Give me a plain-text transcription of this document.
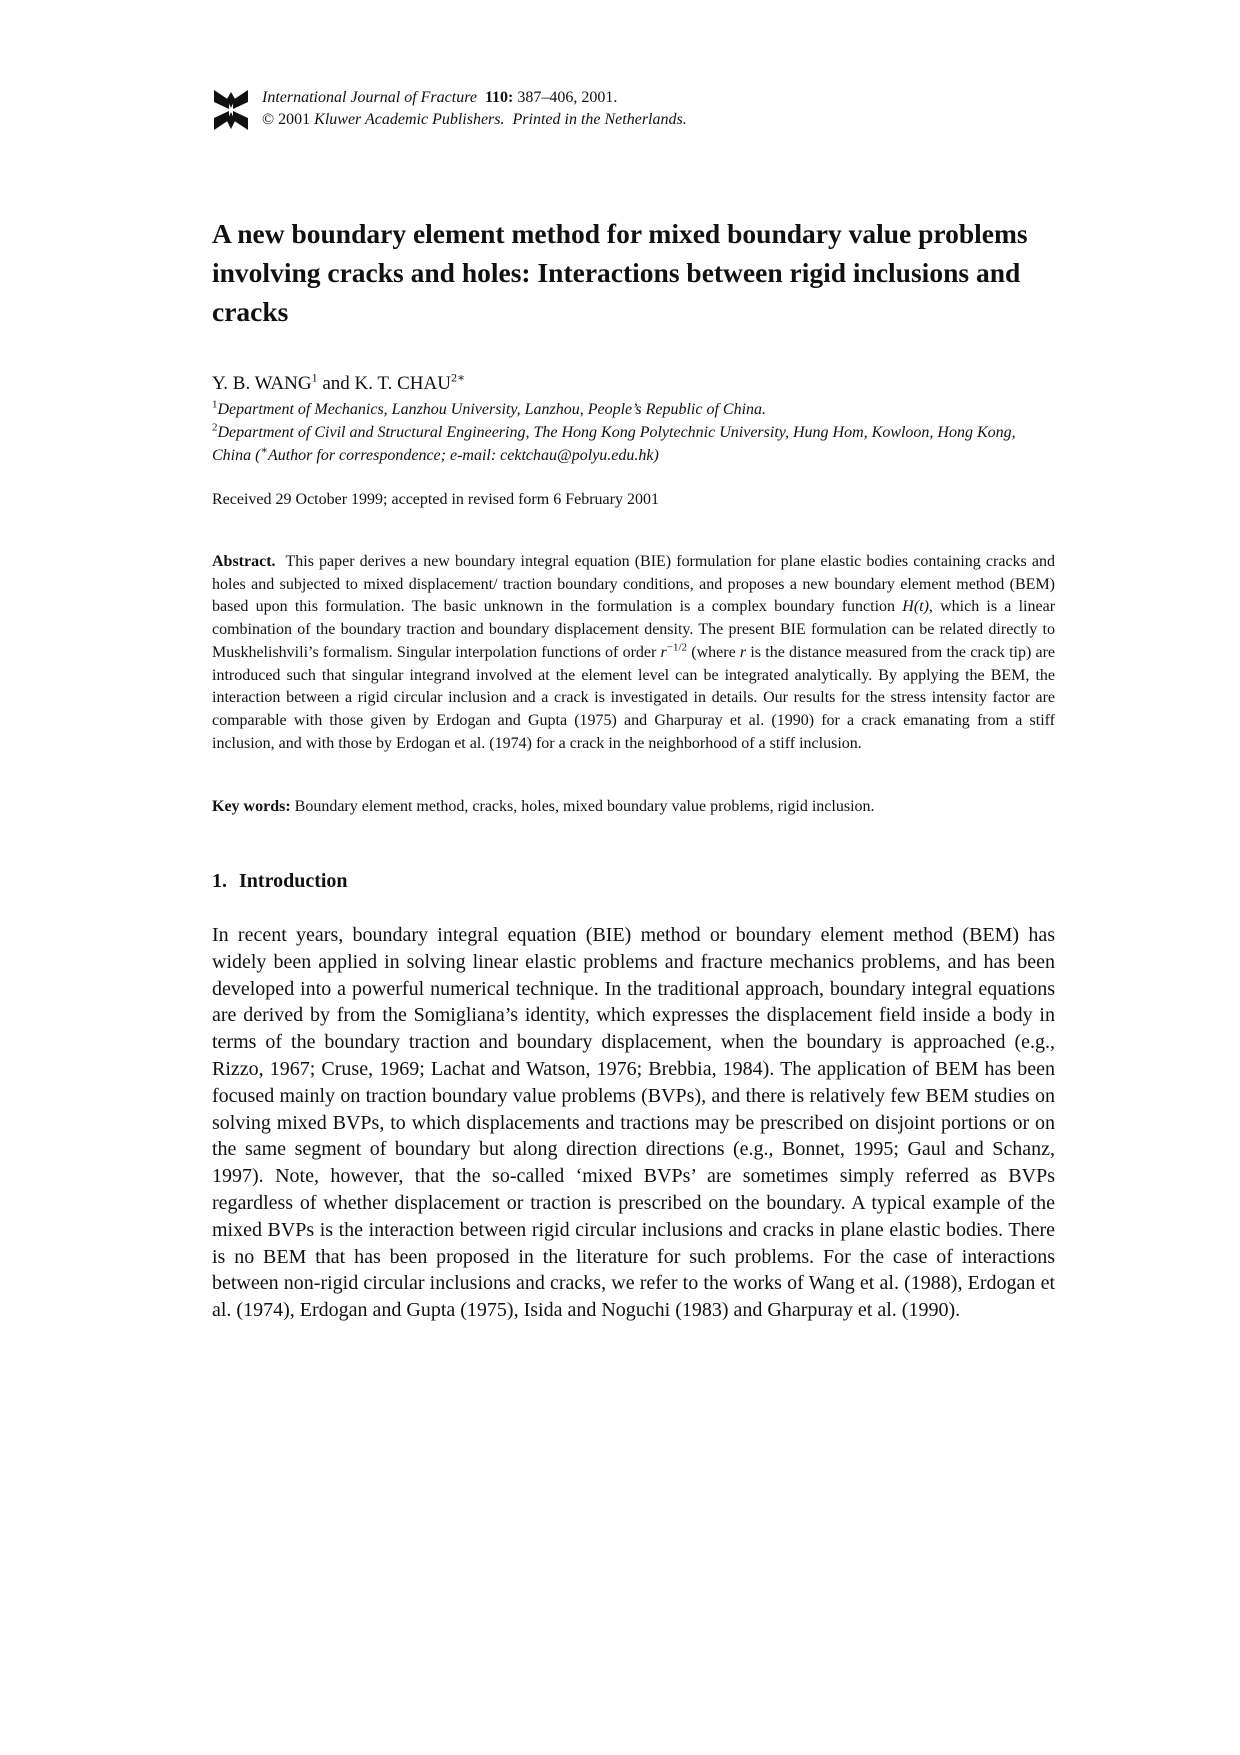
International Journal of Fracture 110: 387–406, 2001.
© 2001 Kluwer Academic Publishers. Printed in the Netherlands.
A new boundary element method for mixed boundary value problems involving cracks and holes: Interactions between rigid inclusions and cracks
Y. B. WANG$^1$ and K. T. $CHAU^{2∗}$
$^1$Department of Mechanics, Lanzhou University, Lanzhou, People’s Republic of China.
$^2$Department of Civil and Structural Engineering, The Hong Kong Polytechnic University, Hung Hom, Kowloon, Hong Kong, China (∗Author for correspondence; e-mail: cektchau@polyu.edu.hk)
Received 29 October 1999; accepted in revised form 6 February 2001
Abstract. This paper derives a new boundary integral equation (BIE) formulation for plane elastic bodies containing cracks and holes and subjected to mixed displacement/ traction boundary conditions, and proposes a new boundary element method (BEM) based upon this formulation. The basic unknown in the formulation is a complex boundary function H(t), which is a linear combination of the boundary traction and boundary displacement density. The present BIE formulation can be related directly to Muskhelishvili’s formalism. Singular interpolation functions of order $r^{-1/2}$ (where r is the distance measured from the crack tip) are introduced such that singular integrand involved at the element level can be integrated analytically. By applying the BEM, the interaction between a rigid circular inclusion and a crack is investigated in details. Our results for the stress intensity factor are comparable with those given by Erdogan and Gupta (1975) and Gharpuray et al. (1990) for a crack emanating from a stiff inclusion, and with those by Erdogan et al. (1974) for a crack in the neighborhood of a stiff inclusion.
Key words: Boundary element method, cracks, holes, mixed boundary value problems, rigid inclusion.
1. Introduction
In recent years, boundary integral equation (BIE) method or boundary element method (BEM) has widely been applied in solving linear elastic problems and fracture mechanics problems, and has been developed into a powerful numerical technique. In the traditional approach, boundary integral equations are derived by from the Somigliana’s identity, which expresses the displacement field inside a body in terms of the boundary traction and boundary displacement, when the boundary is approached (e.g., Rizzo, 1967; Cruse, 1969; Lachat and Watson, 1976; Brebbia, 1984). The application of BEM has been focused mainly on traction boundary value problems (BVPs), and there is relatively few BEM studies on solving mixed BVPs, to which displacements and tractions may be prescribed on disjoint portions or on the same segment of boundary but along direction directions (e.g., Bonnet, 1995; Gaul and Schanz, 1997). Note, however, that the so-called ‘mixed BVPs’ are sometimes simply referred as BVPs regardless of whether displacement or traction is prescribed on the boundary. A typical example of the mixed BVPs is the interaction between rigid circular inclusions and cracks in plane elastic bodies. There is no BEM that has been proposed in the literature for such problems. For the case of interactions between non-rigid circular inclusions and cracks, we refer to the works of Wang et al. (1988), Erdogan et al. (1974), Erdogan and Gupta (1975), Isida and Noguchi (1983) and Gharpuray et al. (1990).
